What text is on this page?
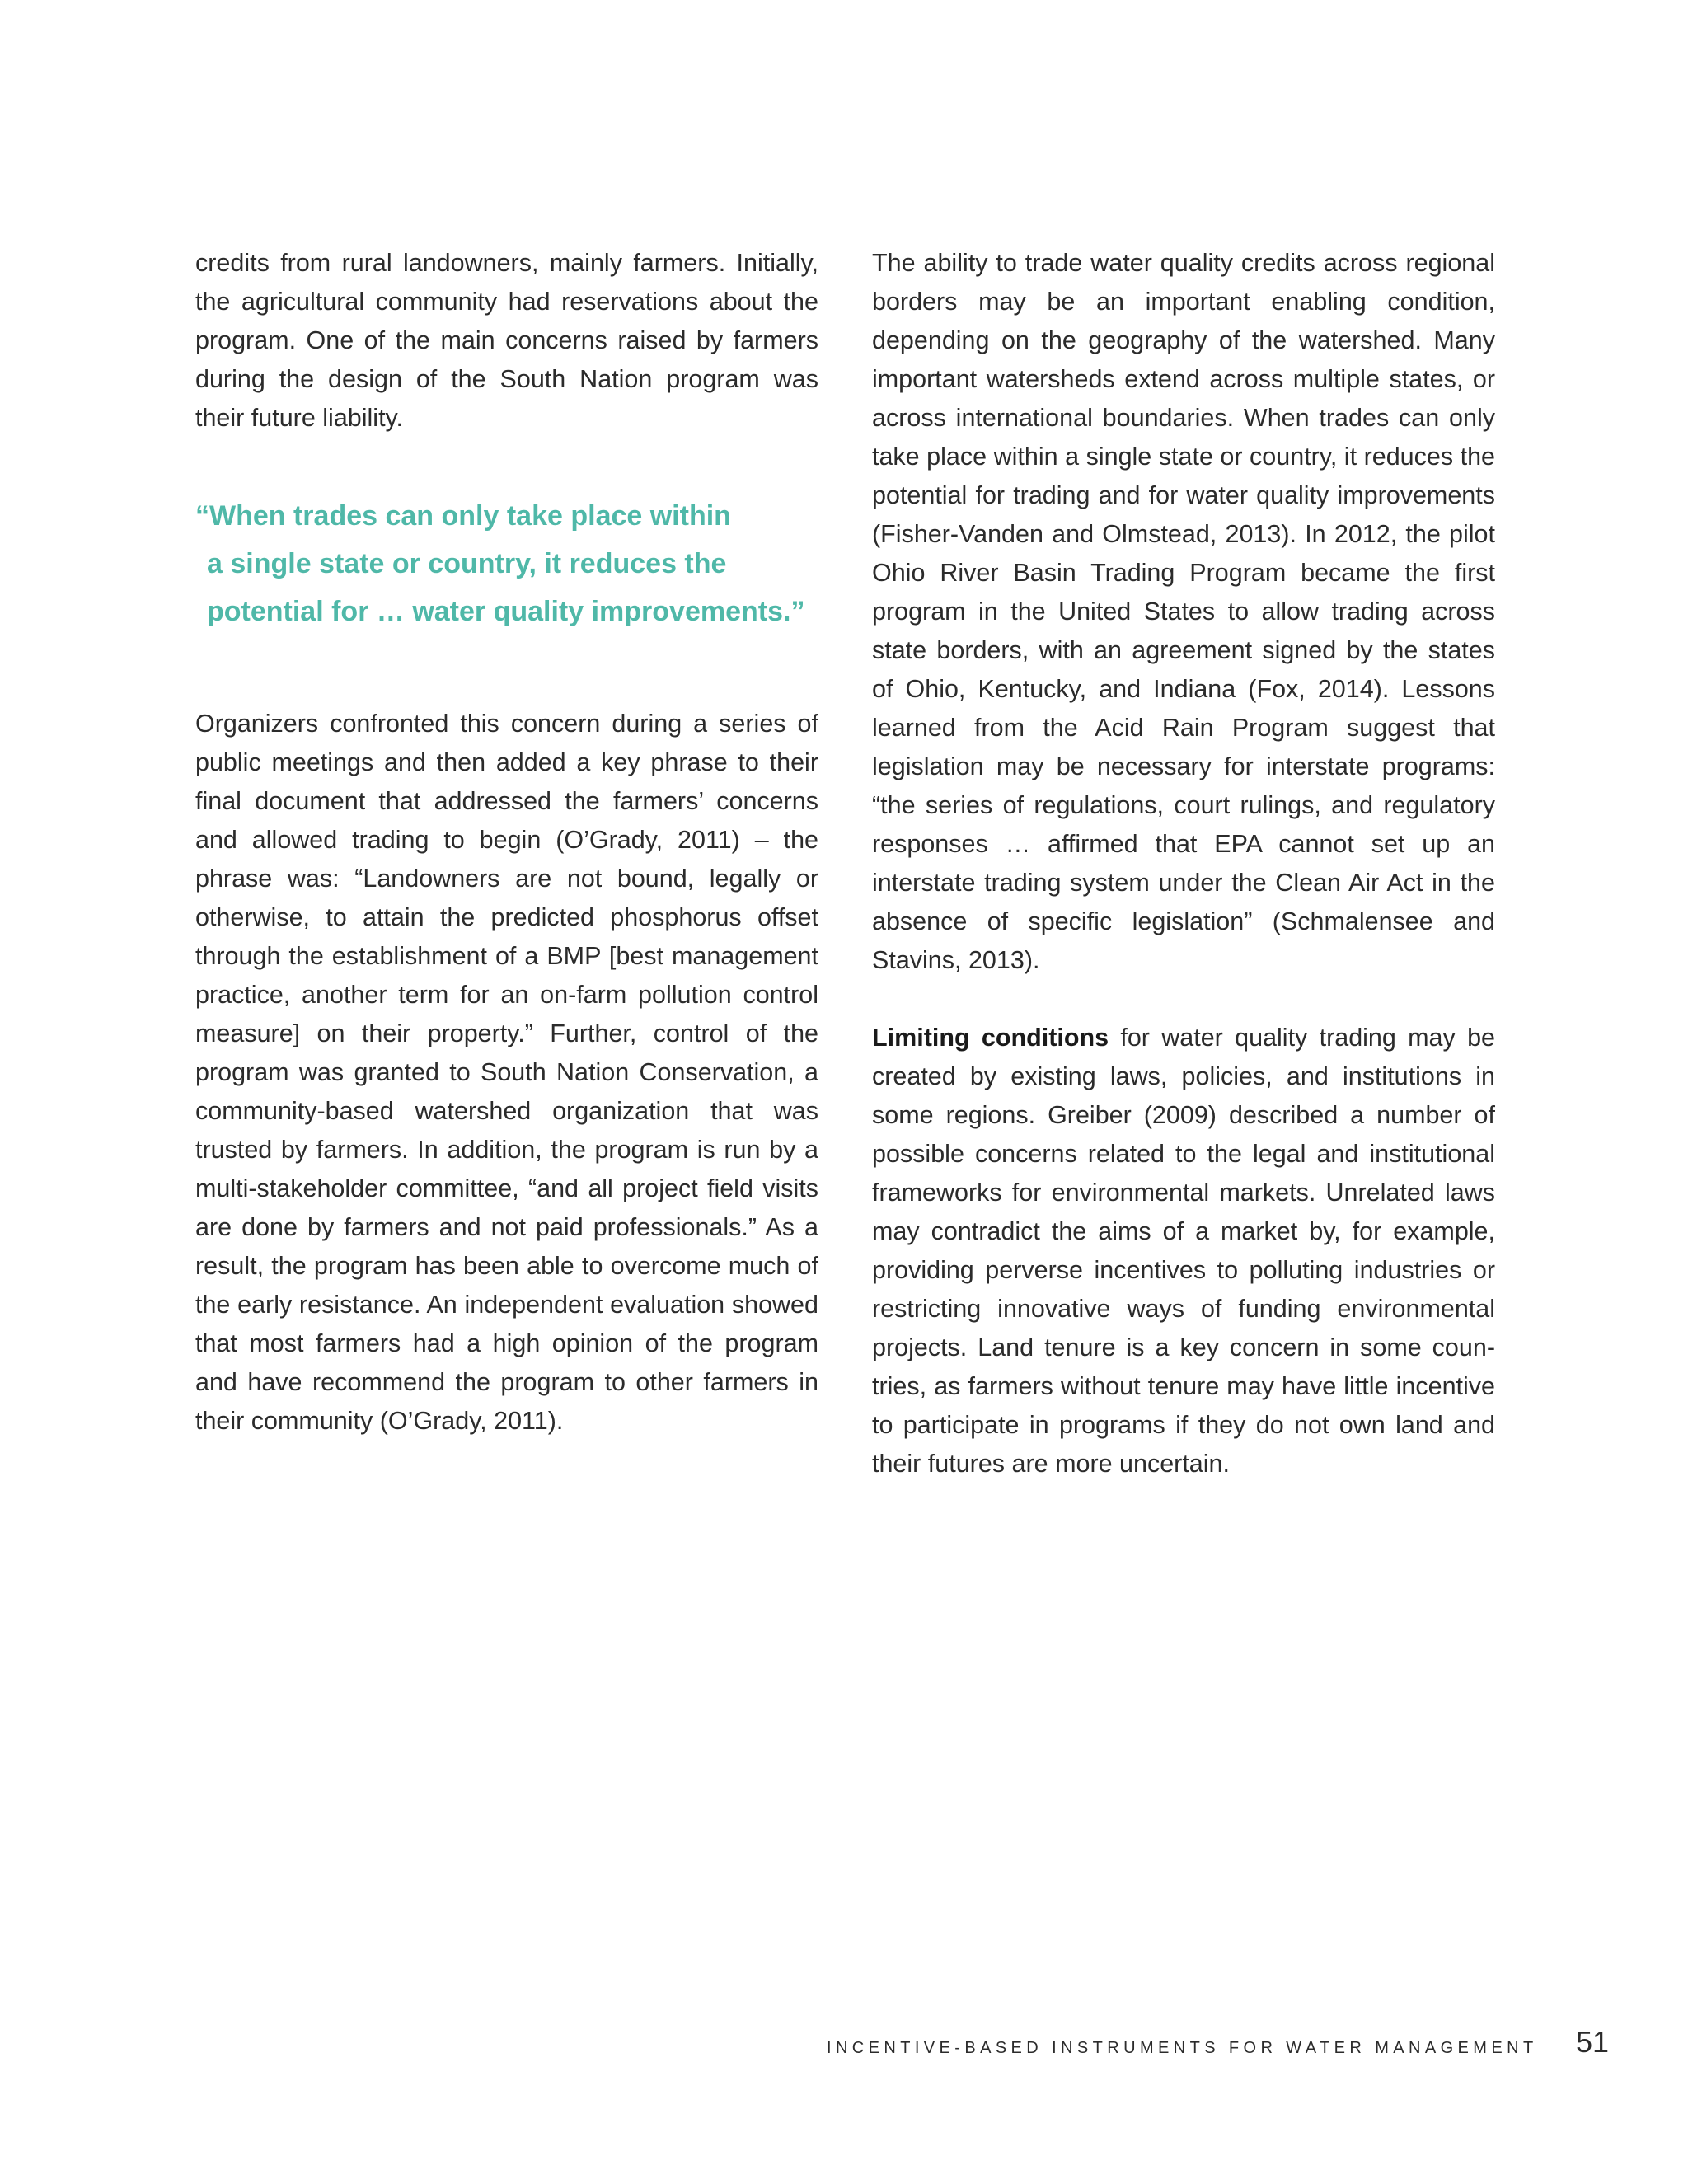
credits from rural landowners, mainly farmers. Initially, the agricultural community had reservations about the program. One of the main concerns raised by farmers during the design of the South Nation program was their future liability.

“When trades can only take place within
a single state or country, it reduces the
potential for … water quality improvements.”

Organizers confronted this concern during a series of public meetings and then added a key phrase to their final document that addressed the farmers’ concerns and allowed trading to begin (O’Grady, 2011) – the phrase was: “Landowners are not bound, legally or otherwise, to attain the predicted phosphorus offset through the establishment of a BMP [best management practice, another term for an on-farm pollution control measure] on their property.” Further, control of the program was granted to South Nation Conservation, a community-based watershed organization that was trusted by farmers. In addition, the program is run by a multi-stakeholder committee, “and all project field visits are done by farmers and not paid professionals.” As a result, the program has been able to overcome much of the early resistance. An independent evaluation showed that most farmers had a high opinion of the program and have recommend the program to other farmers in their community (O’Grady, 2011).

The ability to trade water quality credits across regional borders may be an important enabling condition, depending on the geography of the watershed. Many important watersheds extend across multiple states, or across international boundaries. When trades can only take place within a single state or country, it reduces the potential for trading and for water quality improvements (Fisher-Vanden and Olmstead, 2013). In 2012, the pilot Ohio River Basin Trading Program became the first program in the United States to allow trading across state borders, with an agreement signed by the states of Ohio, Kentucky, and Indiana (Fox, 2014). Lessons learned from the Acid Rain Program suggest that legislation may be necessary for interstate programs: “the series of regulations, court rulings, and regulatory responses … affirmed that EPA cannot set up an interstate trading system under the Clean Air Act in the absence of specific legislation” (Schmalensee and Stavins, 2013).

Limiting conditions for water quality trading may be created by existing laws, policies, and institutions in some regions. Greiber (2009) described a number of possible concerns related to the legal and institutional frameworks for environmental markets. Unrelated laws may contradict the aims of a market by, for example, providing perverse incentives to polluting industries or restricting innovative ways of funding environmental projects. Land tenure is a key concern in some countries, as farmers without tenure may have little incentive to participate in programs if they do not own land and their futures are more uncertain.

INCENTIVE-BASED INSTRUMENTS FOR WATER MANAGEMENT 51
